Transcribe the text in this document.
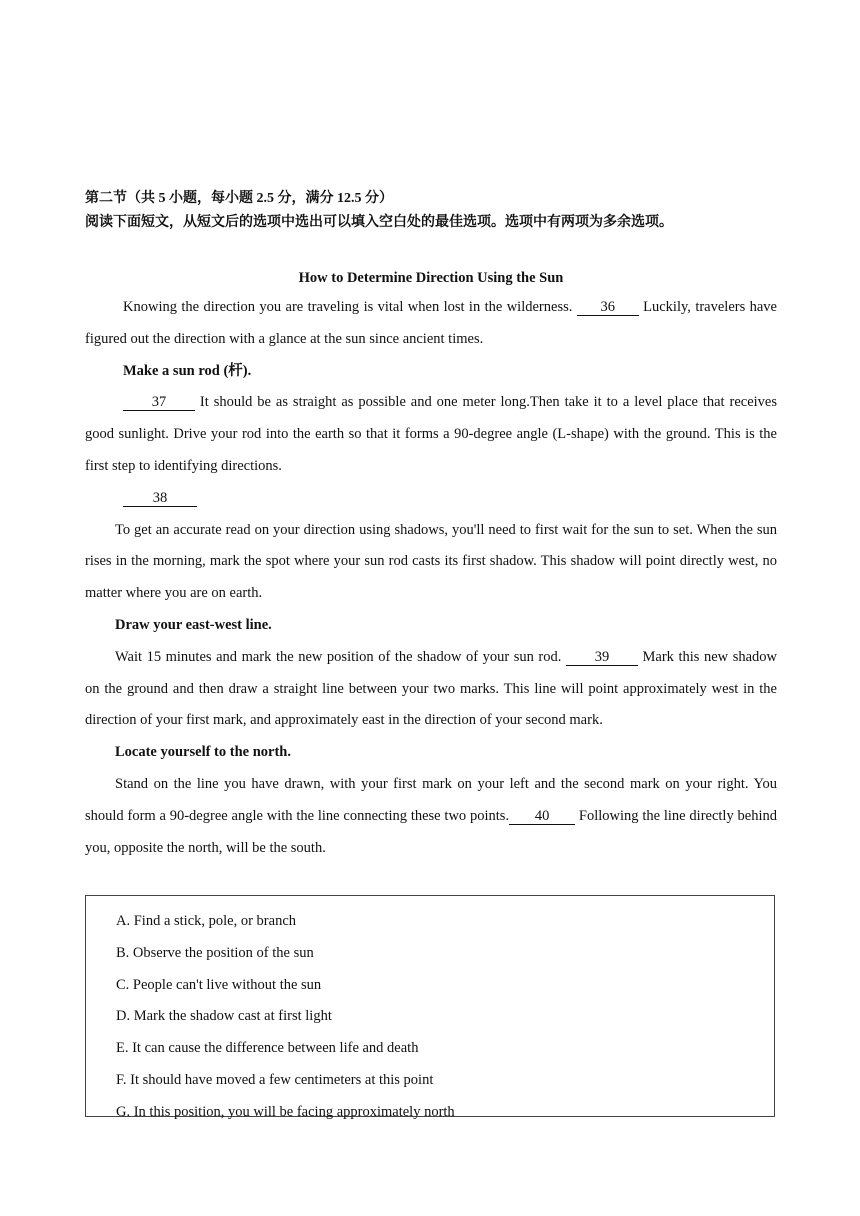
第二节（共 5 小题，每小题 2.5 分，满分 12.5 分）

阅读下面短文，从短文后的选项中选出可以填入空白处的最佳选项。选项中有两项为多余选项。

How to Determine Direction Using the Sun

Knowing the direction you are traveling is vital when lost in the wilderness. 36 Luckily, travelers have figured out the direction with a glance at the sun since ancient times.

Make a sun rod (杆).

37 It should be as straight as possible and one meter long.Then take it to a level place that receives good sunlight. Drive your rod into the earth so that it forms a 90-degree angle (L-shape) with the ground. This is the first step to identifying directions.

38

To get an accurate read on your direction using shadows, you'll need to first wait for the sun to set. When the sun rises in the morning, mark the spot where your sun rod casts its first shadow. This shadow will point directly west, no matter where you are on earth.

Draw your east-west line.

Wait 15 minutes and mark the new position of the shadow of your sun rod. 39 Mark this new shadow on the ground and then draw a straight line between your two marks. This line will point approximately west in the direction of your first mark, and approximately east in the direction of your second mark.

Locate yourself to the north.

Stand on the line you have drawn, with your first mark on your left and the second mark on your right. You should form a 90-degree angle with the line connecting these two points. 40 Following the line directly behind you, opposite the north, will be the south.

A. Find a stick, pole, or branch
B. Observe the position of the sun
C. People can't live without the sun
D. Mark the shadow cast at first light
E. It can cause the difference between life and death
F. It should have moved a few centimeters at this point
G. In this position, you will be facing approximately north
